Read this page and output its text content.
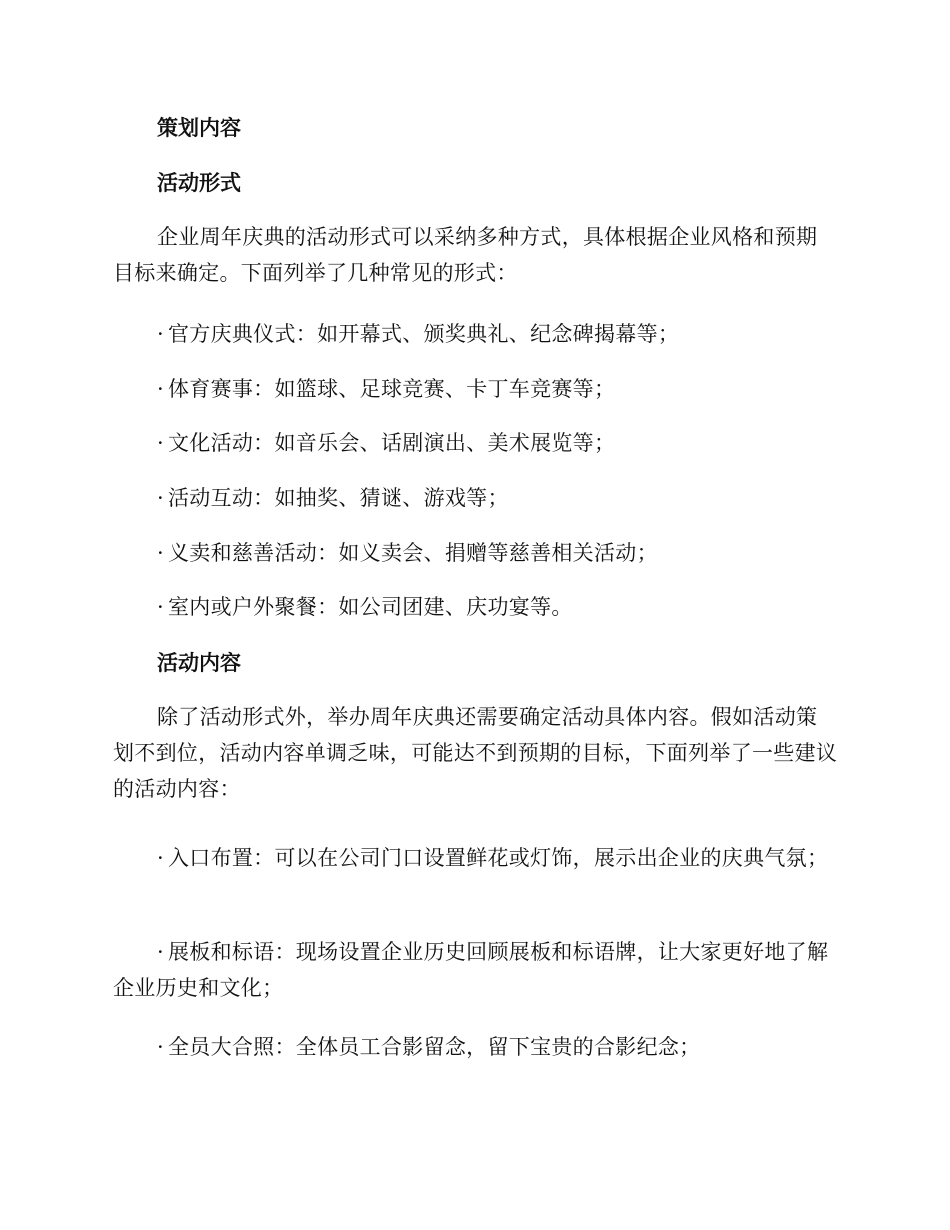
策划内容
活动形式

企业周年庆典的活动形式可以采纳多种方式，具体根据企业风格和预期目标来确定。下面列举了几种常见的形式：

· 官方庆典仪式：如开幕式、颁奖典礼、纪念碑揭幕等；

· 体育赛事：如篮球、足球竞赛、卡丁车竞赛等；

· 文化活动：如音乐会、话剧演出、美术展览等；

· 活动互动：如抽奖、猜谜、游戏等；

· 义卖和慈善活动：如义卖会、捐赠等慈善相关活动；

· 室内或户外聚餐：如公司团建、庆功宴等。

活动内容

除了活动形式外，举办周年庆典还需要确定活动具体内容。假如活动策划不到位，活动内容单调乏味，可能达不到预期的目标，下面列举了一些建议的活动内容：

· 入口布置：可以在公司门口设置鲜花或灯饰，展示出企业的庆典气氛；

· 展板和标语：现场设置企业历史回顾展板和标语牌，让大家更好地了解企业历史和文化；

· 全员大合照：全体员工合影留念，留下宝贵的合影纪念；
